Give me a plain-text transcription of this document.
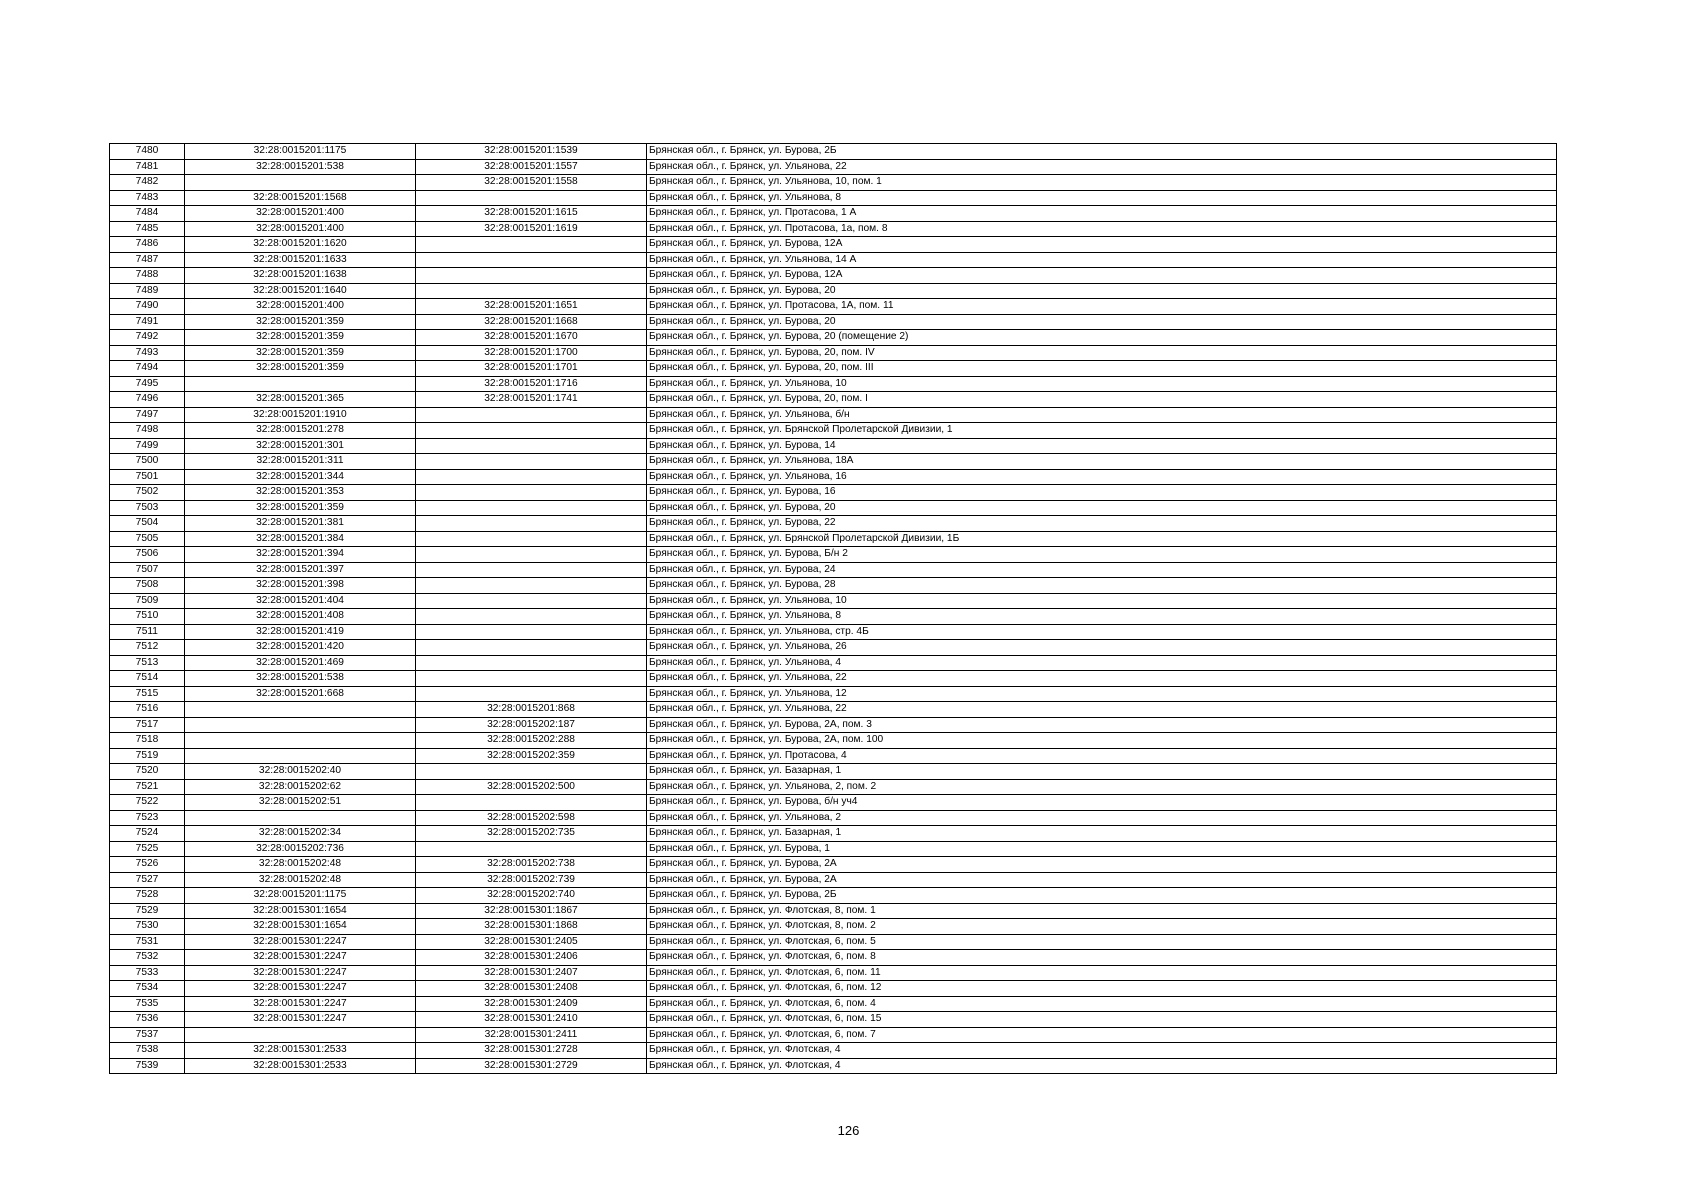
7480	32:28:0015201:1175	32:28:0015201:1539	Брянская обл., г. Брянск, ул. Бурова, 2Б
7481	32:28:0015201:538	32:28:0015201:1557	Брянская обл., г. Брянск, ул. Ульянова, 22
7482		32:28:0015201:1558	Брянская обл., г. Брянск, ул. Ульянова, 10, пом. 1
7483	32:28:0015201:1568		Брянская обл., г. Брянск, ул. Ульянова, 8
7484	32:28:0015201:400	32:28:0015201:1615	Брянская обл., г. Брянск, ул. Протасова, 1 А
7485	32:28:0015201:400	32:28:0015201:1619	Брянская обл., г. Брянск, ул. Протасова, 1а, пом. 8
7486	32:28:0015201:1620		Брянская обл., г. Брянск, ул. Бурова, 12А
7487	32:28:0015201:1633		Брянская обл., г. Брянск, ул. Ульянова, 14 А
7488	32:28:0015201:1638		Брянская обл., г. Брянск, ул. Бурова, 12А
7489	32:28:0015201:1640		Брянская обл., г. Брянск, ул. Бурова, 20
7490	32:28:0015201:400	32:28:0015201:1651	Брянская обл., г. Брянск, ул. Протасова, 1А, пом. 11
7491	32:28:0015201:359	32:28:0015201:1668	Брянская обл., г. Брянск, ул. Бурова, 20
7492	32:28:0015201:359	32:28:0015201:1670	Брянская обл., г. Брянск, ул. Бурова, 20 (помещение 2)
7493	32:28:0015201:359	32:28:0015201:1700	Брянская обл., г. Брянск, ул. Бурова, 20, пом. IV
7494	32:28:0015201:359	32:28:0015201:1701	Брянская обл., г. Брянск, ул. Бурова, 20, пом. III
7495		32:28:0015201:1716	Брянская обл., г. Брянск, ул. Ульянова, 10
7496	32:28:0015201:365	32:28:0015201:1741	Брянская обл., г. Брянск, ул. Бурова, 20, пом. I
7497	32:28:0015201:1910		Брянская обл., г. Брянск, ул. Ульянова, б/н
7498	32:28:0015201:278		Брянская обл., г. Брянск, ул. Брянской Пролетарской Дивизии, 1
7499	32:28:0015201:301		Брянская обл., г. Брянск, ул. Бурова, 14
7500	32:28:0015201:311		Брянская обл., г. Брянск, ул. Ульянова, 18А
7501	32:28:0015201:344		Брянская обл., г. Брянск, ул. Ульянова, 16
7502	32:28:0015201:353		Брянская обл., г. Брянск, ул. Бурова, 16
7503	32:28:0015201:359		Брянская обл., г. Брянск, ул. Бурова, 20
7504	32:28:0015201:381		Брянская обл., г. Брянск, ул. Бурова, 22
7505	32:28:0015201:384		Брянская обл., г. Брянск, ул. Брянской Пролетарской Дивизии, 1Б
7506	32:28:0015201:394		Брянская обл., г. Брянск, ул. Бурова, Б/н 2
7507	32:28:0015201:397		Брянская обл., г. Брянск, ул. Бурова, 24
7508	32:28:0015201:398		Брянская обл., г. Брянск, ул. Бурова, 28
7509	32:28:0015201:404		Брянская обл., г. Брянск, ул. Ульянова, 10
7510	32:28:0015201:408		Брянская обл., г. Брянск, ул. Ульянова, 8
7511	32:28:0015201:419		Брянская обл., г. Брянск, ул. Ульянова, стр. 4Б
7512	32:28:0015201:420		Брянская обл., г. Брянск, ул. Ульянова, 26
7513	32:28:0015201:469		Брянская обл., г. Брянск, ул. Ульянова, 4
7514	32:28:0015201:538		Брянская обл., г. Брянск, ул. Ульянова, 22
7515	32:28:0015201:668		Брянская обл., г. Брянск, ул. Ульянова, 12
7516		32:28:0015201:868	Брянская обл., г. Брянск, ул. Ульянова, 22
7517		32:28:0015202:187	Брянская обл., г. Брянск, ул. Бурова, 2А, пом. 3
7518		32:28:0015202:288	Брянская обл., г. Брянск, ул. Бурова, 2А, пом. 100
7519		32:28:0015202:359	Брянская обл., г. Брянск, ул. Протасова, 4
7520	32:28:0015202:40		Брянская обл., г. Брянск, ул. Базарная, 1
7521	32:28:0015202:62	32:28:0015202:500	Брянская обл., г. Брянск, ул. Ульянова, 2, пом. 2
7522	32:28:0015202:51		Брянская обл., г. Брянск, ул. Бурова, б/н уч4
7523		32:28:0015202:598	Брянская обл., г. Брянск, ул. Ульянова, 2
7524	32:28:0015202:34	32:28:0015202:735	Брянская обл., г. Брянск, ул. Базарная, 1
7525	32:28:0015202:736		Брянская обл., г. Брянск, ул. Бурова, 1
7526	32:28:0015202:48	32:28:0015202:738	Брянская обл., г. Брянск, ул. Бурова, 2А
7527	32:28:0015202:48	32:28:0015202:739	Брянская обл., г. Брянск, ул. Бурова, 2А
7528	32:28:0015201:1175	32:28:0015202:740	Брянская обл., г. Брянск, ул. Бурова, 2Б
7529	32:28:0015301:1654	32:28:0015301:1867	Брянская обл., г. Брянск, ул. Флотская, 8, пом. 1
7530	32:28:0015301:1654	32:28:0015301:1868	Брянская обл., г. Брянск, ул. Флотская, 8, пом. 2
7531	32:28:0015301:2247	32:28:0015301:2405	Брянская обл., г. Брянск, ул. Флотская, 6, пом. 5
7532	32:28:0015301:2247	32:28:0015301:2406	Брянская обл., г. Брянск, ул. Флотская, 6, пом. 8
7533	32:28:0015301:2247	32:28:0015301:2407	Брянская обл., г. Брянск, ул. Флотская, 6, пом. 11
7534	32:28:0015301:2247	32:28:0015301:2408	Брянская обл., г. Брянск, ул. Флотская, 6, пом. 12
7535	32:28:0015301:2247	32:28:0015301:2409	Брянская обл., г. Брянск, ул. Флотская, 6, пом. 4
7536	32:28:0015301:2247	32:28:0015301:2410	Брянская обл., г. Брянск, ул. Флотская, 6, пом. 15
7537		32:28:0015301:2411	Брянская обл., г. Брянск, ул. Флотская, 6, пом. 7
7538	32:28:0015301:2533	32:28:0015301:2728	Брянская обл., г. Брянск, ул. Флотская, 4
7539	32:28:0015301:2533	32:28:0015301:2729	Брянская обл., г. Брянск, ул. Флотская, 4
126
